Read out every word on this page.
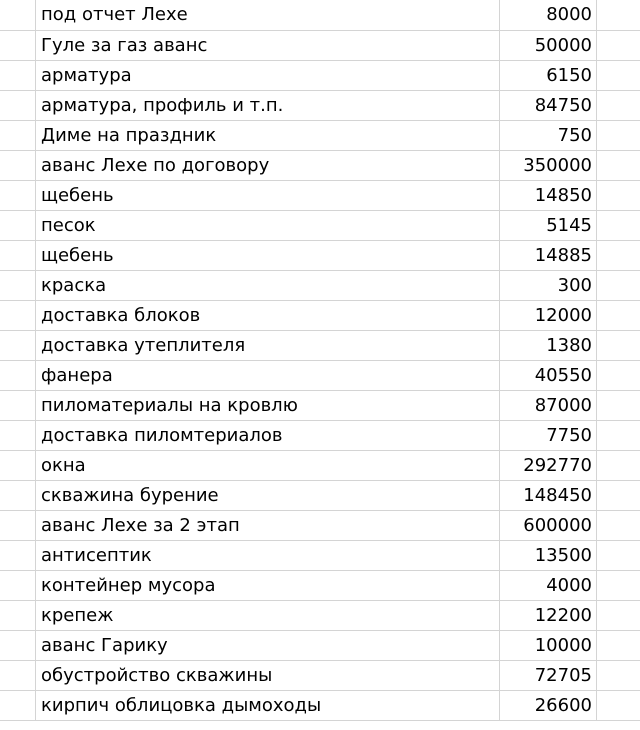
под отчет Лехе	8000
Гуле за газ аванс	50000
арматура	6150
арматура, профиль и т.п.	84750
Диме на праздник	750
аванс Лехе по договору	350000
щебень	14850
песок	5145
щебень	14885
краска	300
доставка блоков	12000
доставка утеплителя	1380
фанера	40550
пиломатериалы на кровлю	87000
доставка пиломтериалов	7750
окна	292770
скважина бурение	148450
аванс Лехе за 2 этап	600000
антисептик	13500
контейнер мусора	4000
крепеж	12200
аванс Гарику	10000
обустройство скважины	72705
кирпич облицовка дымоходы	26600
